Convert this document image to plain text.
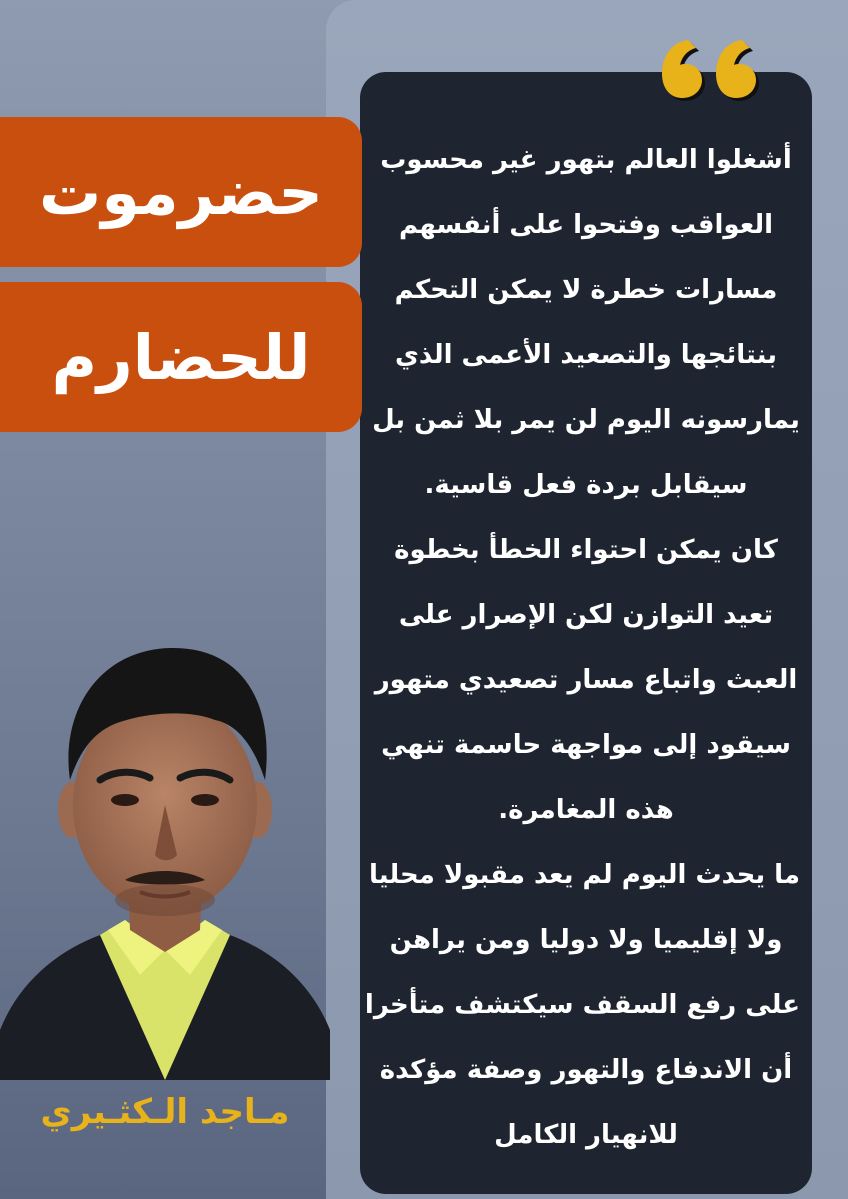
أشغلوا العالم بتهور غير محسوب
العواقب وفتحوا على أنفسهم
مسارات خطرة لا يمكن التحكم
بنتائجها والتصعيد الأعمى الذي
يمارسونه اليوم لن يمر بلا ثمن بل
سيقابل بردة فعل قاسية.
كان يمكن احتواء الخطأ بخطوة
تعيد التوازن لكن الإصرار على
العبث واتباع مسار تصعيدي متهور
سيقود إلى مواجهة حاسمة تنهي
هذه المغامرة.
ما يحدث اليوم لم يعد مقبولا محليا
ولا إقليميا ولا دوليا ومن يراهن
على رفع السقف سيكتشف متأخرا
أن الاندفاع والتهور وصفة مؤكدة
للانهيار الكامل
حضرموت
للحضارم
مـاجد الـكثـيري
